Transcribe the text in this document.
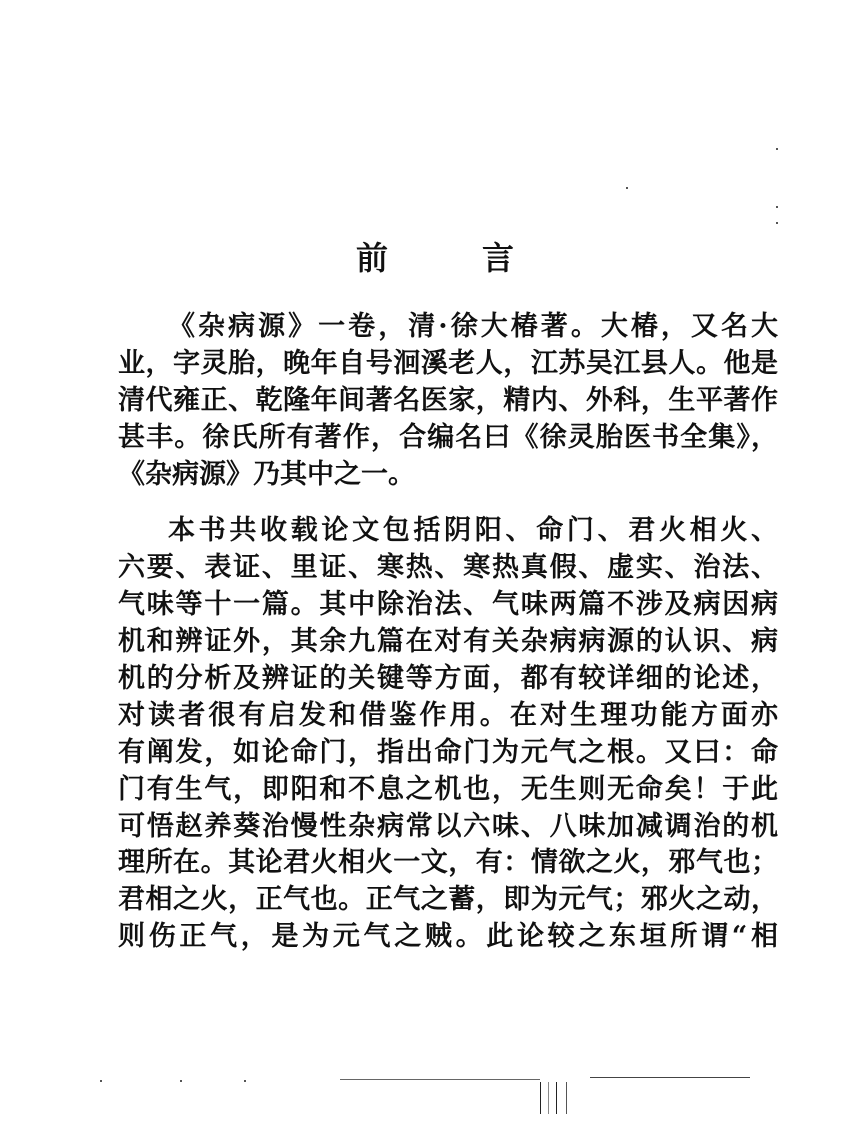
前	言
《杂病源》一卷，清·徐大椿著。大椿，又名大
业，字灵胎，晚年自号洄溪老人，江苏吴江县人。他是
清代雍正、乾隆年间著名医家，精内、外科，生平著作
甚丰。徐氏所有著作，合编名曰《徐灵胎医书全集》，
《杂病源》乃其中之一。
本书共收载论文包括阴阳、命门、君火相火、
六要、表证、里证、寒热、寒热真假、虚实、治法、
气味等十一篇。其中除治法、气味两篇不涉及病因病
机和辨证外，其余九篇在对有关杂病病源的认识、病
机的分析及辨证的关键等方面，都有较详细的论述，
对读者很有启发和借鉴作用。在对生理功能方面亦
有阐发，如论命门，指出命门为元气之根。又曰：命
门有生气，即阳和不息之机也，无生则无命矣！于此
可悟赵养葵治慢性杂病常以六味、八味加减调治的机
理所在。其论君火相火一文，有：情欲之火，邪气也；
君相之火，正气也。正气之蓄，即为元气；邪火之动，
则伤正气，是为元气之贼。此论较之东垣所谓“相
